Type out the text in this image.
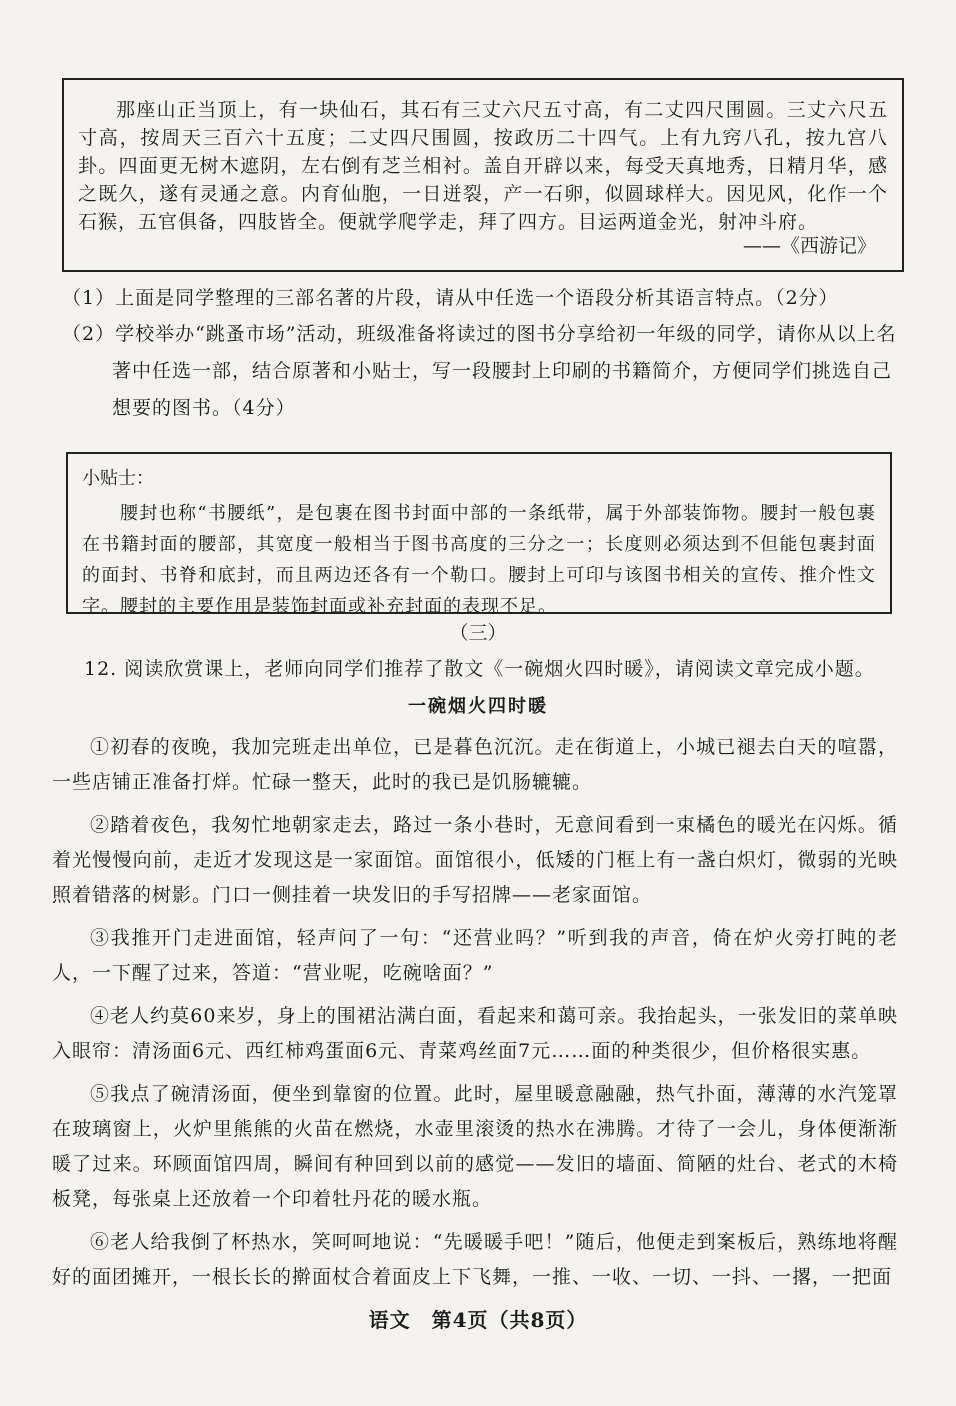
那座山正当顶上，有一块仙石，其石有三丈六尺五寸高，有二丈四尺围圆。三丈六尺五寸高，按周天三百六十五度；二丈四尺围圆，按政历二十四气。上有九窍八孔，按九宫八卦。四面更无树木遮阴，左右倒有芝兰相衬。盖自开辟以来，每受天真地秀，日精月华，感之既久，遂有灵通之意。内育仙胞，一日迸裂，产一石卵，似圆球样大。因见风，化作一个石猴，五官俱备，四肢皆全。便就学爬学走，拜了四方。目运两道金光，射冲斗府。

——《西游记》
（1）上面是同学整理的三部名著的片段，请从中任选一个语段分析其语言特点。（2分）
（2）学校举办“跳蚤市场”活动，班级准备将读过的图书分享给初一年级的同学，请你从以上名著中任选一部，结合原著和小贴士，写一段腰封上印刷的书籍简介，方便同学们挑选自己想要的图书。（4分）
小贴士：

腰封也称“书腰纸”，是包裹在图书封面中部的一条纸带，属于外部装饰物。腰封一般包裹在书籍封面的腰部，其宽度一般相当于图书高度的三分之一；长度则必须达到不但能包裹封面的面封、书脊和底封，而且两边还各有一个勒口。腰封上可印与该图书相关的宣传、推介性文字。腰封的主要作用是装饰封面或补充封面的表现不足。

（三）
12. 阅读欣赏课上，老师向同学们推荐了散文《一碗烟火四时暖》，请阅读文章完成小题。
一碗烟火四时暖

①初春的夜晚，我加完班走出单位，已是暮色沉沉。走在街道上，小城已褪去白天的喧嚣，一些店铺正准备打烊。忙碌一整天，此时的我已是饥肠辘辘。

②踏着夜色，我匆忙地朝家走去，路过一条小巷时，无意间看到一束橘色的暖光在闪烁。循着光慢慢向前，走近才发现这是一家面馆。面馆很小，低矮的门框上有一盏白炽灯，微弱的光映照着错落的树影。门口一侧挂着一块发旧的手写招牌——老家面馆。

③我推开门走进面馆，轻声问了一句：“还营业吗？”听到我的声音，倚在炉火旁打盹的老人，一下醒了过来，答道：“营业呢，吃碗啥面？”

④老人约莫60来岁，身上的围裙沾满白面，看起来和蔼可亲。我抬起头，一张发旧的菜单映入眼帘：清汤面6元、西红柿鸡蛋面6元、青菜鸡丝面7元……面的种类很少，但价格很实惠。

⑤我点了碗清汤面，便坐到靠窗的位置。此时，屋里暖意融融，热气扑面，薄薄的水汽笼罩在玻璃窗上，火炉里熊熊的火苗在燃烧，水壶里滚烫的热水在沸腾。才待了一会儿，身体便渐渐暖了过来。环顾面馆四周，瞬间有种回到以前的感觉——发旧的墙面、简陋的灶台、老式的木椅板凳，每张桌上还放着一个印着牡丹花的暖水瓶。

⑥老人给我倒了杯热水，笑呵呵地说：“先暖暖手吧！”随后，他便走到案板后，熟练地将醒好的面团摊开，一根长长的擀面杖合着面皮上下飞舞，一推、一收、一切、一抖、一撂，一把面

语文　第4页（共8页）
